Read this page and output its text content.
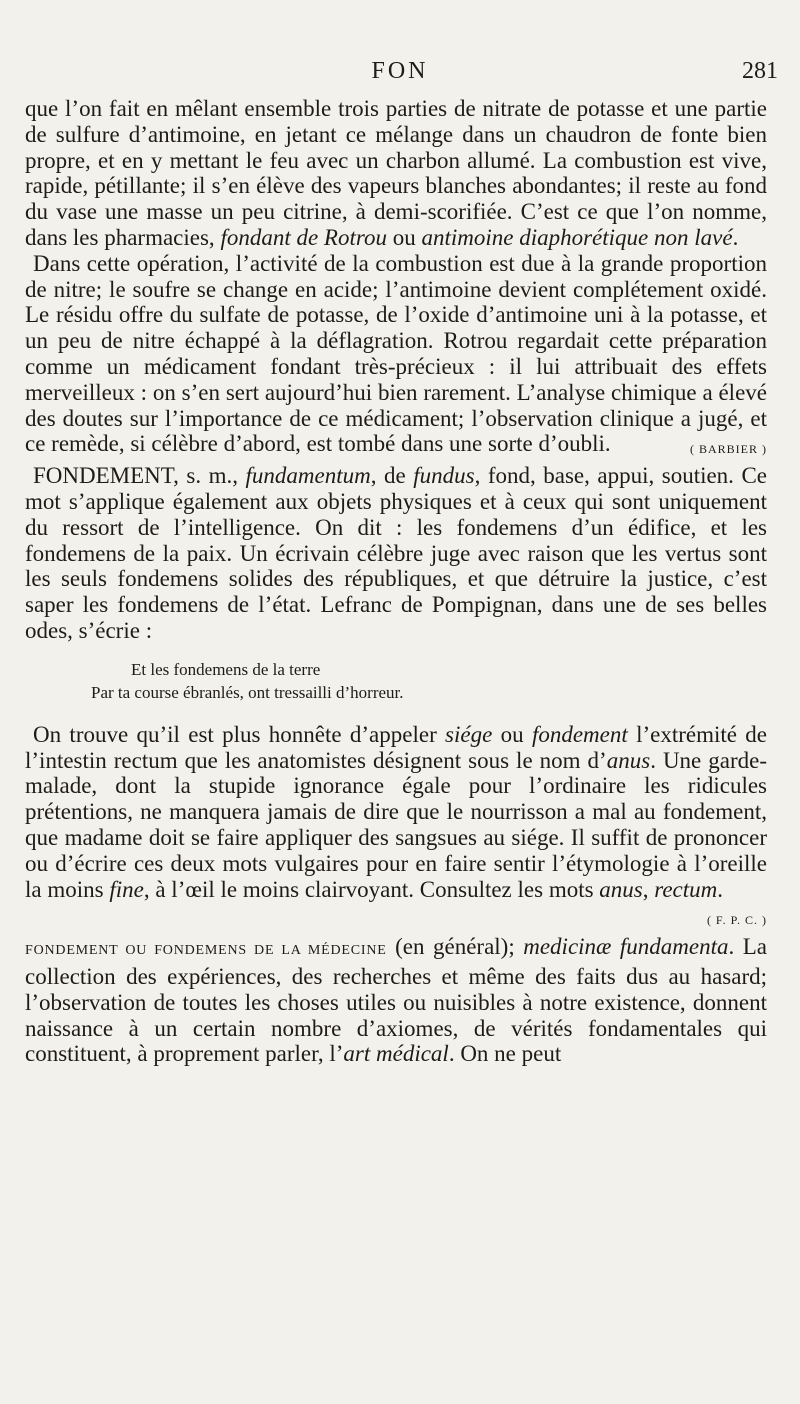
FON	281

que l’on fait en mêlant ensemble trois parties de nitrate de potasse et une partie de sulfure d’antimoine, en jetant ce mélange dans un chaudron de fonte bien propre, et en y mettant le feu avec un charbon allumé. La combustion est vive, rapide, pétillante; il s’en élève des vapeurs blanches abondantes; il reste au fond du vase une masse un peu citrine, à demi-scorifiée. C’est ce que l’on nomme, dans les pharmacies, fondant de Rotrou ou antimoine diaphorétique non lavé.

Dans cette opération, l’activité de la combustion est due à la grande proportion de nitre; le soufre se change en acide; l’antimoine devient complétement oxidé. Le résidu offre du sulfate de potasse, de l’oxide d’antimoine uni à la potasse, et un peu de nitre échappé à la déflagration. Rotrou regardait cette préparation comme un médicament fondant très-précieux : il lui attribuait des effets merveilleux : on s’en sert aujourd’hui bien rarement. L’analyse chimique a élevé des doutes sur l’importance de ce médicament; l’observation clinique a jugé, et ce remède, si célèbre d’abord, est tombé dans une sorte d’oubli.	( BARBIER )

FONDEMENT, s. m., fundamentum, de fundus, fond, base, appui, soutien. Ce mot s’applique également aux objets physiques et à ceux qui sont uniquement du ressort de l’intelligence. On dit : les fondemens d’un édifice, et les fondemens de la paix. Un écrivain célèbre juge avec raison que les vertus sont les seuls fondemens solides des républiques, et que détruire la justice, c’est saper les fondemens de l’état. Lefranc de Pompignan, dans une de ses belles odes, s’écrie :

Et les fondemens de la terre
Par ta course ébranlés, ont tressailli d’horreur.

On trouve qu’il est plus honnête d’appeler siége ou fondement l’extrémité de l’intestin rectum que les anatomistes désignent sous le nom d’anus. Une garde-malade, dont la stupide ignorance égale pour l’ordinaire les ridicules prétentions, ne manquera jamais de dire que le nourrisson a mal au fondement, que madame doit se faire appliquer des sangsues au siége. Il suffit de prononcer ou d’écrire ces deux mots vulgaires pour en faire sentir l’étymologie à l’oreille la moins fine, à l’œil le moins clairvoyant. Consultez les mots anus, rectum.
( F. P. C. )

FONDEMENT OU FONDEMENS DE LA MÉDECINE (en général); medicinæ fundamenta. La collection des expériences, des recherches et même des faits dus au hasard; l’observation de toutes les choses utiles ou nuisibles à notre existence, donnent naissance à un certain nombre d’axiomes, de vérités fondamentales qui constituent, à proprement parler, l’art médical. On ne peut
